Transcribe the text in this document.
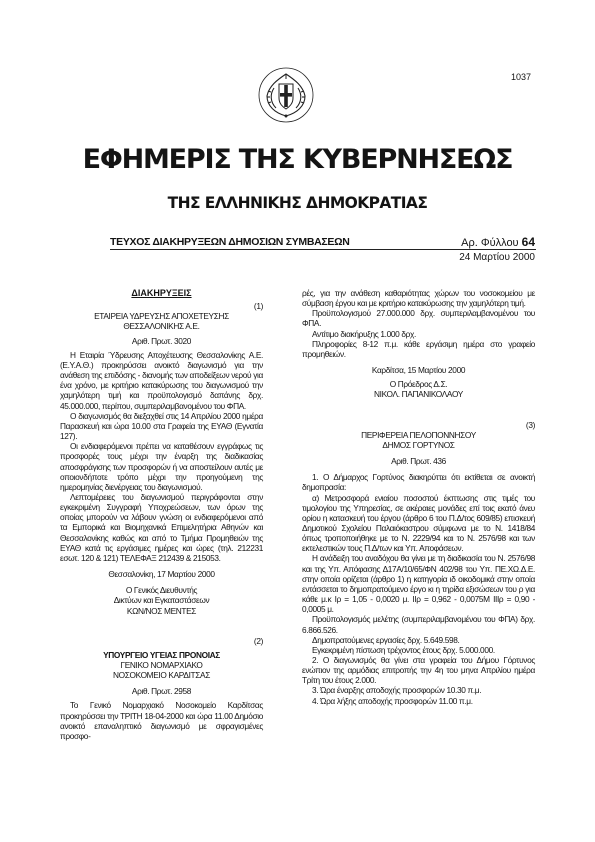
1037
ΕΦΗΜΕΡΙΣ ΤΗΣ ΚΥΒΕΡΝΗΣΕΩΣ
ΤΗΣ ΕΛΛΗΝΙΚΗΣ ΔΗΜΟΚΡΑΤΙΑΣ
ΤΕΥΧΟΣ ΔΙΑΚΗΡΥΞΕΩΝ ΔΗΜΟΣΙΩΝ ΣΥΜΒΑΣΕΩΝ	Αρ. Φύλλου 64
24 Μαρτίου 2000
ΔΙΑΚΗΡΥΞΕΙΣ

(1)

ΕΤΑΙΡΕΙΑ ΥΔΡΕΥΣΗΣ ΑΠΟΧΕΤΕΥΣΗΣ

ΘΕΣΣΑΛΟΝΙΚΗΣ Α.Ε.

Αριθ. Πρωτ. 3020

Η Εταιρία Ύδρευσης Αποχέτευσης Θεσσαλονίκης Α.Ε. (Ε.Υ.Α.Θ.) προκηρύσσει ανοικτό διαγωνισμό για την ανάθεση της επιδόσης - διανομής των αποδείξεων νερού για ένα χρόνο, με κριτήριο κατακύρωσης του διαγωνισμού την χαμηλότερη τιμή και προϋπολογισμό δαπάνης δρχ. 45.000.000, περίπου, συμπεριλαμβανομένου του ΦΠΑ.

Ο διαγωνισμός θα διεξαχθεί στις 14 Απριλίου 2000 ημέρα Παρασκευή και ώρα 10.00 στα Γραφεία της ΕΥΑΘ (Εγνατία 127).

Οι ενδιαφερόμενοι πρέπει να καταθέσουν εγγράφως τις προσφορές τους μέχρι την έναρξη της διαδικασίας αποσφράγισης των προσφορών ή να αποστείλουν αυτές με οποιονδήποτε τρόπο μέχρι την προηγούμενη της ημερομηνίας διενέργειας του διαγωνισμού.

Λεπτομέρειες του διαγωνισμού περιγράφονται στην εγκεκριμένη Συγγραφή Υποχρεώσεων, των όρων της οποίας μπορούν να λάβουν γνώση οι ενδιαφερόμενοι από τα Εμπορικά και Βιομηχανικά Επιμελητήρια Αθηνών και Θεσσαλονίκης καθώς και από το Τμήμα Προμηθειών της ΕΥΑΘ κατά τις εργάσιμες ημέρες και ώρες (τηλ. 212231 εσωτ. 120 & 121) ΤΕΛΕΦΑΞ 212439 & 215053.

Θεσσαλονίκη, 17 Μαρτίου 2000

Ο Γενικός Διευθυντής

Δικτύων και Εγκαταστάσεων

ΚΩΝ/ΝΟΣ ΜΕΝΤΕΣ

(2)

ΥΠΟΥΡΓΕΙΟ ΥΓΕΙΑΣ ΠΡΟΝΟΙΑΣ

ΓΕΝΙΚΟ ΝΟΜΑΡΧΙΑΚΟ

ΝΟΣΟΚΟΜΕΙΟ ΚΑΡΔΙΤΣΑΣ

Αριθ. Πρωτ. 2958

Το Γενικό Νομαρχιακό Νοσοκομείο Καρδίτσας προκηρύσσει την ΤΡΙΤΗ 18-04-2000 και ώρα 11.00 Δημόσιο ανοικτό επαναληπτικό διαγωνισμό με σφραγισμένες προσφο-

ρές, για την ανάθεση καθαριότητας χώρων του νοσοκομείου με σύμβαση έργου και με κριτήριο κατακύρωσης την χαμηλότερη τιμή.

Προϋπολογισμού 27.000.000 δρχ. συμπεριλαμβανομένου του ΦΠΑ.

Αντίτιμο διακήρυξης 1.000 δρχ.

Πληροφορίες 8-12 π.μ. κάθε εργάσιμη ημέρα στο γραφείο προμηθειών.

Καρδίτσα, 15 Μαρτίου 2000

Ο Πρόεδρος Δ.Σ.

ΝΙΚΟΛ. ΠΑΠΑΝΙΚΟΛΑΟΥ

(3)

ΠΕΡΙΦΕΡΕΙΑ ΠΕΛΟΠΟΝΝΗΣΟΥ

ΔΗΜΟΣ ΓΟΡΤΥΝΟΣ

Αριθ. Πρωτ. 436

1. Ο Δήμαρχος Γορτύνος διακηρύττει ότι εκτίθεται σε ανοικτή δημοπρασία:

α) Μετροσφορά ενιαίου ποσοστού έκπτωσης στις τιμές του τιμολογίου της Υπηρεσίας, σε ακέραιες μονάδες επί τοις εκατό άνευ ορίου η κατασκευή του έργου (άρθρο 6 του Π.Δ/τος 609/85) επισκευή Δημοτικού Σχολείου Παλαιόκαστρου σύμφωνα με το Ν. 1418/84 όπως τροποποιήθηκε με το Ν. 2229/94 και το Ν. 2576/98 και των εκτελεστικών τους Π.Δ/των και Υπ. Αποφάσεων.

Η ανάδειξη του αναδόχου θα γίνει με τη διαδικασία του Ν. 2576/98 και της Υπ. Απόφασης Δ17Α/10/65/ΦΝ 402/98 του Υπ. ΠΕ.ΧΩ.Δ.Ε. στην οποία ορίζεται (άρθρο 1) η κατηγορία ιδ οικοδομικά στην οποία εντάσσεται το δημοπρατούμενο έργο κι η τηρίδα εξισώσεων του ρ για κάθε μ.κ Ιρ = 1,05 - 0,0020 μ. ΙΙρ = 0,962 - 0,0075Μ ΙΙΙρ = 0,90 - 0,0005 μ.

Προϋπολογισμός μελέτης (συμπεριλαμβανομένου του ΦΠΑ) δρχ. 6.866.526.

Δημοπρατούμενες εργασίες δρχ. 5.649.598.

Εγκεκριμένη πίστωση τρέχοντος έτους δρχ. 5.000.000.

2. Ο διαγωνισμός θα γίνει στα γραφεία του Δήμου Γόρτυνος ενώπιον της αρμόδιας επιτροπής την 4η του μηνα Απριλίου ημέρα Τρίτη του έτους 2.000.

3. Ώρα έναρξης αποδοχής προσφορών 10.30 π.μ.

4. Ώρα λήξης αποδοχής προσφορών 11.00 π.μ.
